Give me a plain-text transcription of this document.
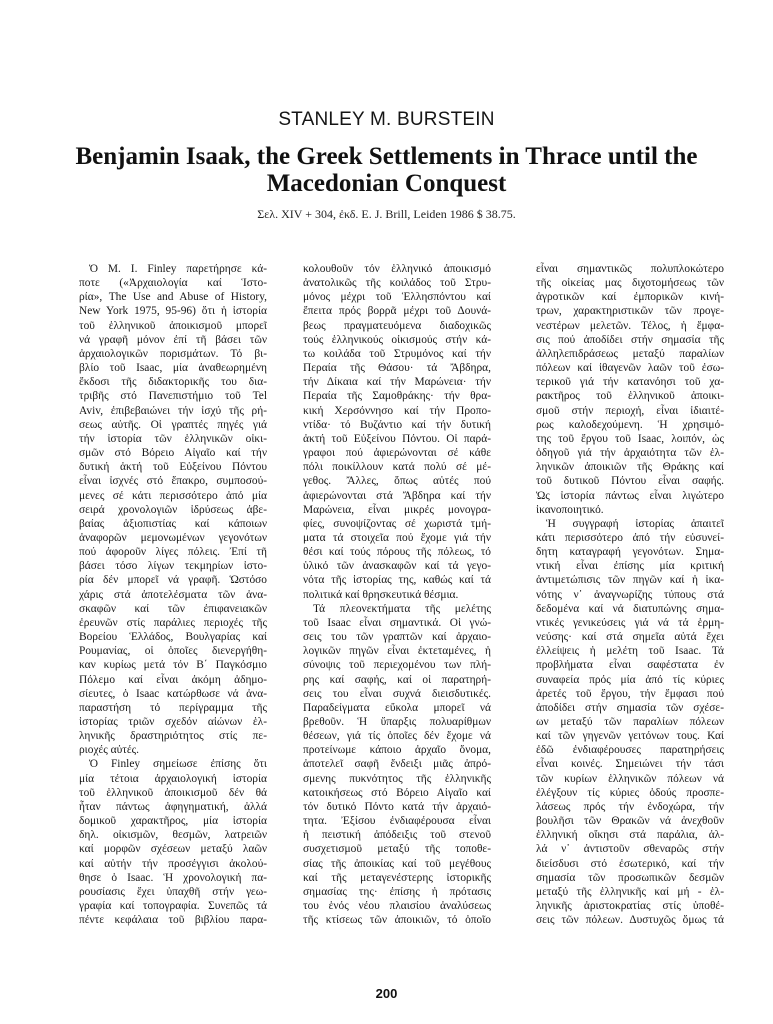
STANLEY M. BURSTEIN
Benjamin Isaak, the Greek Settlements in Thrace until the
Macedonian Conquest
Σελ. XIV + 304, ἐκδ. E. J. Brill, Leiden 1986 $ 38.75.
Ὁ M. I. Finley παρετήρησε κά-
ποτε («Ἀρχαιολογία καί Ἱστο-
ρία», The Use and Abuse of History,
New York 1975, 95-96) ὅτι ἡ ἱστορία
τοῦ ἑλληνικοῦ ἀποικισμοῦ μπορεῖ
νά γραφῆ μόνον ἐπί τῆ βάσει τῶν
ἀρχαιολογικῶν πορισμάτων. Τό βι-
βλίο τοῦ Isaac, μία ἀναθεωρημένη
ἔκδοσι τῆς διδακτορικῆς του δια-
τριβῆς στό Πανεπιστήμιο τοῦ Tel
Aviv, ἐπιβεβαιώνει τήν ἰσχύ τῆς ρή-
σεως αὐτῆς. Οἱ γραπτές πηγές γιά
τήν ἱστορία τῶν ἑλληνικῶν οἰκι-
σμῶν στό Βόρειο Αἰγαῖο καί τήν
δυτική ἀκτή τοῦ Εὐξείνου Πόντου
εἶναι ἰσχνές στό ἔπακρο, συμποσού-
μενες σέ κάτι περισσότερο ἀπό μία
σειρά χρονολογιῶν ἱδρύσεως ἀβε-
βαίας ἀξιοπιστίας καί κάποιων
ἀναφορῶν μεμονωμένων γεγονότων
πού ἀφοροῦν λίγες πόλεις. Ἐπί τῆ
βάσει τόσο λίγων τεκμηρίων ἱστο-
ρία δέν μπορεῖ νά γραφῆ. Ὡστόσο
χάρις στά ἀποτελέσματα τῶν ἀνα-
σκαφῶν καί τῶν ἐπιφανειακῶν
ἐρευνῶν στίς παράλιες περιοχές τῆς
Βορείου Ἑλλάδος, Βουλγαρίας καί
Ρουμανίας, οἱ ὁποῖες διενεργήθη-
καν κυρίως μετά τόν Β΄ Παγκόσμιο
Πόλεμο καί εἶναι ἀκόμη ἀδημο-
σίευτες, ὁ Isaac κατώρθωσε νά ἀνα-
παραστήση τό περίγραμμα τῆς
ἱστορίας τριῶν σχεδόν αἰώνων ἑλ-
ληνικῆς δραστηριότητος στίς πε-
ριοχές αὐτές.
Ὁ Finley σημείωσε ἐπίσης ὅτι
μία τέτοια ἀρχαιολογική ἱστορία
τοῦ ἑλληνικοῦ ἀποικισμοῦ δέν θά
ἦταν πάντως ἀφηγηματική, ἀλλά
δομικοῦ χαρακτῆρος, μία ἱστορία
δηλ. οἰκισμῶν, θεσμῶν, λατρειῶν
καί μορφῶν σχέσεων μεταξύ λαῶν
καί αὐτήν τήν προσέγγισι ἀκολού-
θησε ὁ Isaac. Ἡ χρονολογική πα-
ρουσίασις ἔχει ὑπαχθῆ στήν γεω-
γραφία καί τοπογραφία. Συνεπῶς τά
πέντε κεφάλαια τοῦ βιβλίου παρα-
κολουθοῦν τόν ἑλληνικό ἀποικισμό
ἀνατολικῶς τῆς κοιλάδος τοῦ Στρυ-
μόνος μέχρι τοῦ Ἑλλησπόντου καί
ἔπειτα πρός βορρᾶ μέχρι τοῦ Δουνά-
βεως πραγματευόμενα διαδοχικῶς
τούς ἑλληνικούς οἰκισμούς στήν κά-
τω κοιλάδα τοῦ Στρυμόνος καί τήν
Περαία τῆς Θάσου· τά Ἄβδηρα,
τήν Δίκαια καί τήν Μαρώνεια· τήν
Περαία τῆς Σαμοθράκης· τήν θρα-
κική Χερσόννησο καί τήν Προπο-
ντίδα· τό Βυζάντιο καί τήν δυτική
ἀκτή τοῦ Εὐξείνου Πόντου. Οἱ παρά-
γραφοι πού ἀφιερώνονται σέ κάθε
πόλι ποικίλλουν κατά πολύ σέ μέ-
γεθος. Ἄλλες, ὅπως αὐτές πού
ἀφιερώνονται στά Ἄβδηρα καί τήν
Μαρώνεια, εἶναι μικρές μονογρα-
φίες, συνοψίζοντας σέ χωριστά τμή-
ματα τά στοιχεῖα πού ἔχομε γιά τήν
θέσι καί τούς πόρους τῆς πόλεως, τό
ὑλικό τῶν ἀνασκαφῶν καί τά γεγο-
νότα τῆς ἱστορίας της, καθώς καί τά
πολιτικά καί θρησκευτικά θέσμια.
Τά πλεονεκτήματα τῆς μελέτης
τοῦ Isaac εἶναι σημαντικά. Οἱ γνώ-
σεις του τῶν γραπτῶν καί ἀρχαιο-
λογικῶν πηγῶν εἶναι ἐκτεταμένες, ἡ
σύνοψις τοῦ περιεχομένου των πλή-
ρης καί σαφής, καί οἱ παρατηρή-
σεις του εἶναι συχνά διεισδυτικές.
Παραδείγματα εὔκολα μπορεῖ νά
βρεθοῦν. Ἡ ὕπαρξις πολυαρίθμων
θέσεων, γιά τίς ὁποῖες δέν ἔχομε νά
προτείνωμε κάποιο ἀρχαῖο ὄνομα,
ἀποτελεῖ σαφῆ ἔνδειξι μιᾶς ἀπρό-
σμενης πυκνότητος τῆς ἑλληνικῆς
κατοικήσεως στό Βόρειο Αἰγαῖο καί
τόν δυτικό Πόντο κατά τήν ἀρχαιό-
τητα. Ἐξίσου ἐνδιαφέρουσα εἶναι
ἡ πειστική ἀπόδειξις τοῦ στενοῦ
συσχετισμοῦ μεταξύ τῆς τοποθε-
σίας τῆς ἀποικίας καί τοῦ μεγέθους
καί τῆς μεταγενέστερης ἱστορικῆς
σημασίας της· ἐπίσης ἡ πρότασις
του ἑνός νέου πλαισίου ἀναλύσεως
τῆς κτίσεως τῶν ἀποικιῶν, τό ὁποῖο
εἶναι σημαντικῶς πολυπλοκώτερο
τῆς οἰκείας μας διχοτομήσεως τῶν
ἀγροτικῶν καί ἐμπορικῶν κινή-
τρων, χαρακτηριστικῶν τῶν προγε-
νεστέρων μελετῶν. Τέλος, ἡ ἔμφα-
σις πού ἀποδίδει στήν σημασία τῆς
ἀλληλεπιδράσεως μεταξύ παραλίων
πόλεων καί ἰθαγενῶν λαῶν τοῦ ἐσω-
τερικοῦ γιά τήν κατανόησι τοῦ χα-
ρακτῆρος τοῦ ἑλληνικοῦ ἀποικι-
σμοῦ στήν περιοχή, εἶναι ἰδιαιτέ-
ρως καλοδεχούμενη. Ἡ χρησιμό-
της τοῦ ἔργου τοῦ Isaac, λοιπόν, ὡς
ὁδηγοῦ γιά τήν ἀρχαιότητα τῶν ἑλ-
ληνικῶν ἀποικιῶν τῆς Θράκης καί
τοῦ δυτικοῦ Πόντου εἶναι σαφής.
Ὡς ἱστορία πάντως εἶναι λιγώτερο
ἱκανοποιητικό.
Ἡ συγγραφή ἱστορίας ἀπαιτεῖ
κάτι περισσότερο ἀπό τήν εὐσυνεί-
δητη καταγραφή γεγονότων. Σημα-
ντική εἶναι ἐπίσης μία κριτική
ἀντιμετώπισις τῶν πηγῶν καί ἡ ἱκα-
νότης ν᾿ ἀναγνωρίζης τύπους στά
δεδομένα καί νά διατυπώνης σημα-
ντικές γενικεύσεις γιά νά τά ἑρμη-
νεύσης· καί στά σημεῖα αὐτά ἔχει
ἐλλείψεις ἡ μελέτη τοῦ Isaac. Τά
προβλήματα εἶναι σαφέστατα ἐν
συναφεία πρός μία ἀπό τίς κύριες
ἀρετές τοῦ ἔργου, τήν ἔμφασι πού
ἀποδίδει στήν σημασία τῶν σχέσε-
ων μεταξύ τῶν παραλίων πόλεων
καί τῶν γηγενῶν γειτόνων τους. Καί
ἐδῶ ἐνδιαφέρουσες παρατηρήσεις
εἶναι κοινές. Σημειώνει τήν τάσι
τῶν κυρίων ἑλληνικῶν πόλεων νά
ἐλέγξουν τίς κύριες ὁδούς προσπε-
λάσεως πρός τήν ἐνδοχώρα, τήν
βουλῆσι τῶν Θρακῶν νά ἀνεχθοῦν
ἑλληνική οἴκησι στά παράλια, ἀλ-
λά ν᾿ ἀντιστοῦν σθεναρῶς στήν
διείσδυσι στό ἐσωτερικό, καί τήν
σημασία τῶν προσωπικῶν δεσμῶν
μεταξύ τῆς ἑλληνικῆς καί μή - ἑλ-
ληνικῆς ἀριστοκρατίας στίς ὑποθέ-
σεις τῶν πόλεων. Δυστυχῶς ὅμως τά
200
